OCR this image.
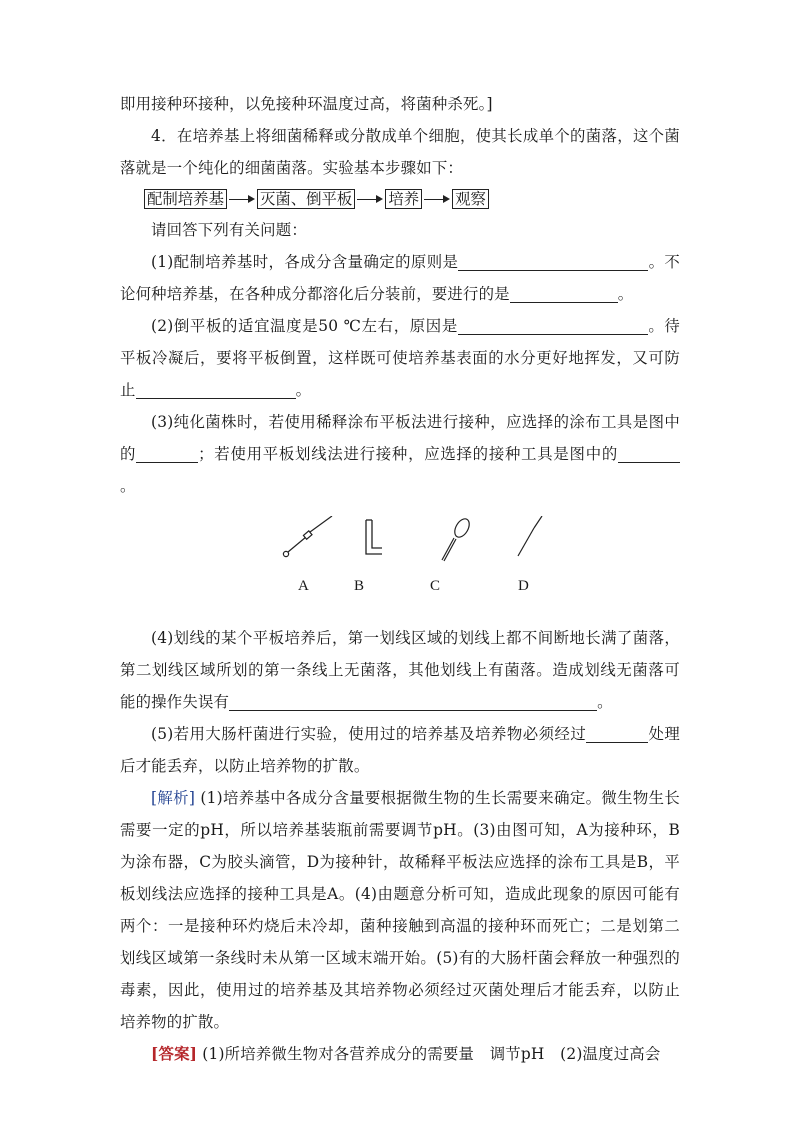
即用接种环接种，以免接种环温度过高，将菌种杀死。]

4．在培养基上将细菌稀释或分散成单个细胞，使其长成单个的菌落，这个菌落就是一个纯化的细菌菌落。实验基本步骤如下：

配制培养基 灭菌、倒平板 培养 观察

请回答下列有关问题：

(1)配制培养基时，各成分含量确定的原则是	。不论何种培养基，在各种成分都溶化后分装前，要进行的是	。

(2)倒平板的适宜温度是50 ℃左右，原因是	。待平板冷凝后，要将平板倒置，这样既可使培养基表面的水分更好地挥发，又可防止	。

(3)纯化菌株时，若使用稀释涂布平板法进行接种，应选择的涂布工具是图中的	；若使用平板划线法进行接种，应选择的接种工具是图中的。

A	B	C	D

(4)划线的某个平板培养后，第一划线区域的划线上都不间断地长满了菌落，第二划线区域所划的第一条线上无菌落，其他划线上有菌落。造成划线无菌落可能的操作失误有	。

(5)若用大肠杆菌进行实验，使用过的培养基及培养物必须经过	处理后才能丢弃，以防止培养物的扩散。

[解析] (1)培养基中各成分含量要根据微生物的生长需要来确定。微生物生长需要一定的pH，所以培养基装瓶前需要调节pH。(3)由图可知，A为接种环，B为涂布器，C为胶头滴管，D为接种针，故稀释平板法应选择的涂布工具是B，平板划线法应选择的接种工具是A。(4)由题意分析可知，造成此现象的原因可能有两个：一是接种环灼烧后未冷却，菌种接触到高温的接种环而死亡；二是划第二划线区域第一条线时未从第一区域末端开始。(5)有的大肠杆菌会释放一种强烈的毒素，因此，使用过的培养基及其培养物必须经过灭菌处理后才能丢弃，以防止培养物的扩散。

[答案] (1)所培养微生物对各营养成分的需要量　调节pH　(2)温度过高会
